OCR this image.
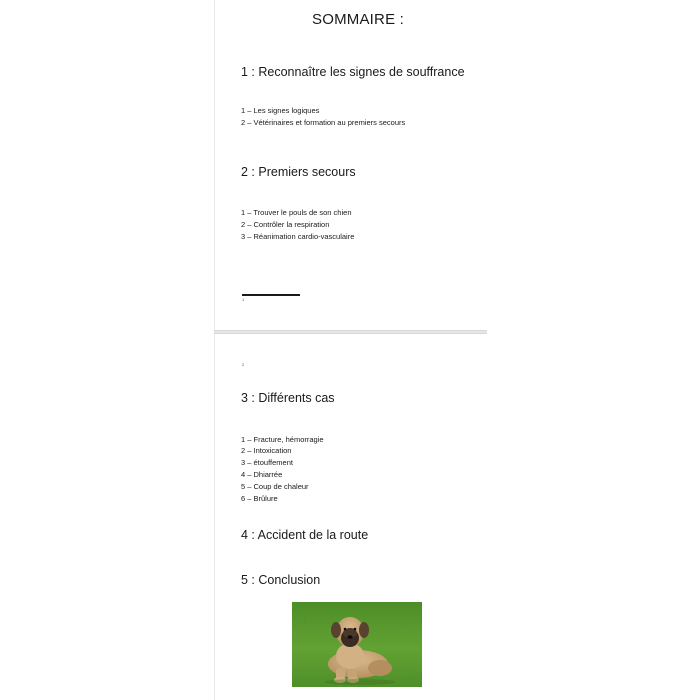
SOMMAIRE :
1 : Reconnaître les signes de souffrance
1 – Les signes logiques
2 – Vétérinaires et formation au premiers secours
2 : Premiers secours
1 – Trouver le pouls de son chien
2 – Contrôler la respiration
3 – Réanimation cardio-vasculaire
1
2
3 : Différents cas
1 – Fracture, hémorragie
2 – Intoxication
3 – étouffement
4 – Dhiarrée
5 – Coup de chaleur
6 – Brûlure
4 : Accident de la route
5 : Conclusion
